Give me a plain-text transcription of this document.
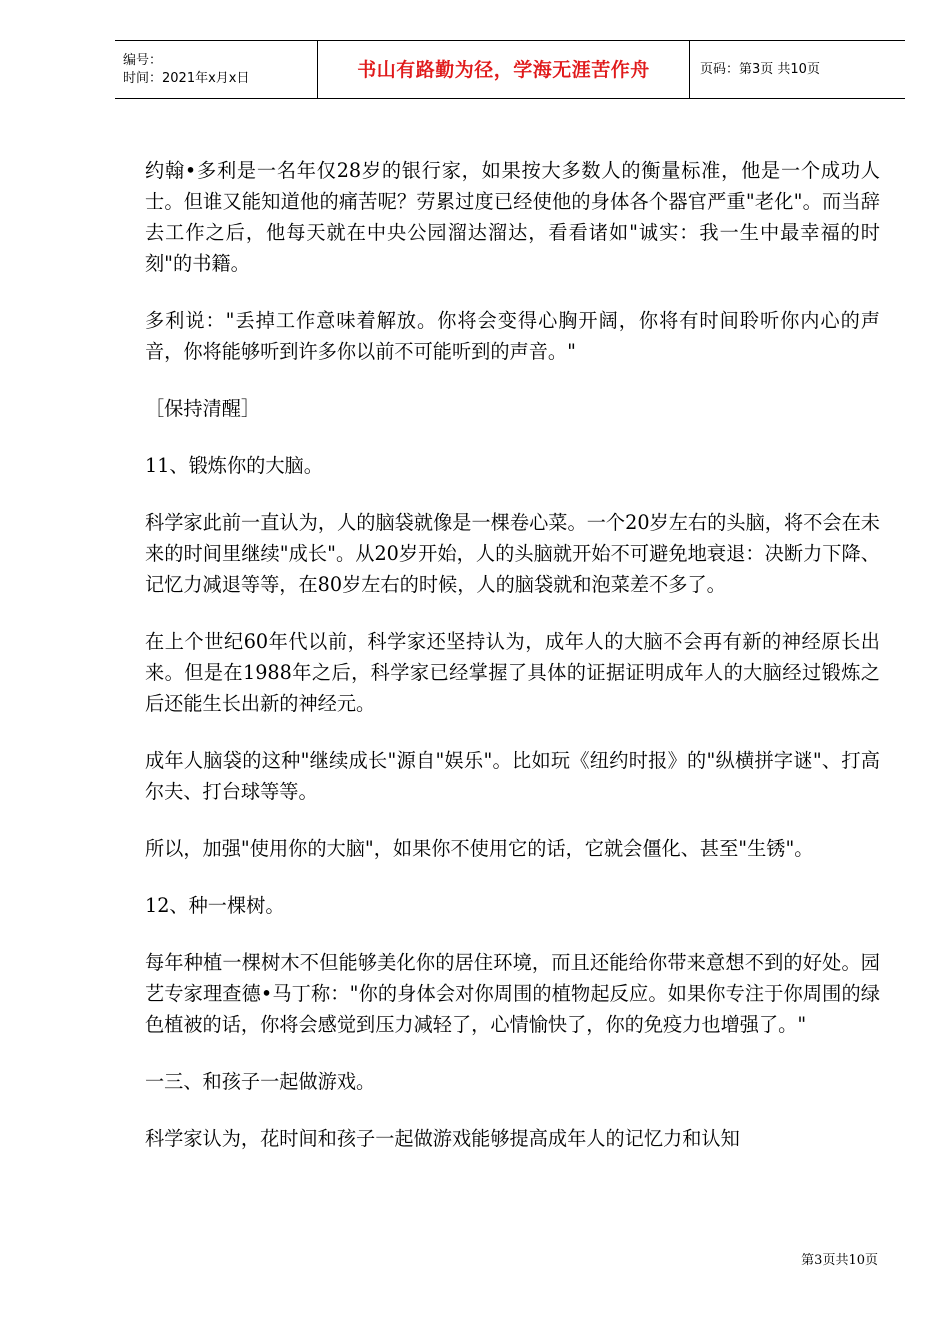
编号：
时间：2021年x月x日	书山有路勤为径，学海无涯苦作舟	页码：第3页 共10页

约翰•多利是一名年仅28岁的银行家，如果按大多数人的衡量标准，他是一个成功人士。但谁又能知道他的痛苦呢？劳累过度已经使他的身体各个器官严重"老化"。而当辞去工作之后，他每天就在中央公园溜达溜达，看看诸如"诚实：我一生中最幸福的时刻"的书籍。

多利说："丢掉工作意味着解放。你将会变得心胸开阔，你将有时间聆听你内心的声音，你将能够听到许多你以前不可能听到的声音。"

［保持清醒］

11、锻炼你的大脑。

科学家此前一直认为，人的脑袋就像是一棵卷心菜。一个20岁左右的头脑，将不会在未来的时间里继续"成长"。从20岁开始，人的头脑就开始不可避免地衰退：决断力下降、记忆力减退等等，在80岁左右的时候，人的脑袋就和泡菜差不多了。

在上个世纪60年代以前，科学家还坚持认为，成年人的大脑不会再有新的神经原长出来。但是在1988年之后，科学家已经掌握了具体的证据证明成年人的大脑经过锻炼之后还能生长出新的神经元。

成年人脑袋的这种"继续成长"源自"娱乐"。比如玩《纽约时报》的"纵横拼字谜"、打高尔夫、打台球等等。

所以，加强"使用你的大脑"，如果你不使用它的话，它就会僵化、甚至"生锈"。

12、种一棵树。

每年种植一棵树木不但能够美化你的居住环境，而且还能给你带来意想不到的好处。园艺专家理查德•马丁称："你的身体会对你周围的植物起反应。如果你专注于你周围的绿色植被的话，你将会感觉到压力减轻了，心情愉快了，你的免疫力也增强了。"

一三、和孩子一起做游戏。

科学家认为，花时间和孩子一起做游戏能够提高成年人的记忆力和认知

第3页共10页
